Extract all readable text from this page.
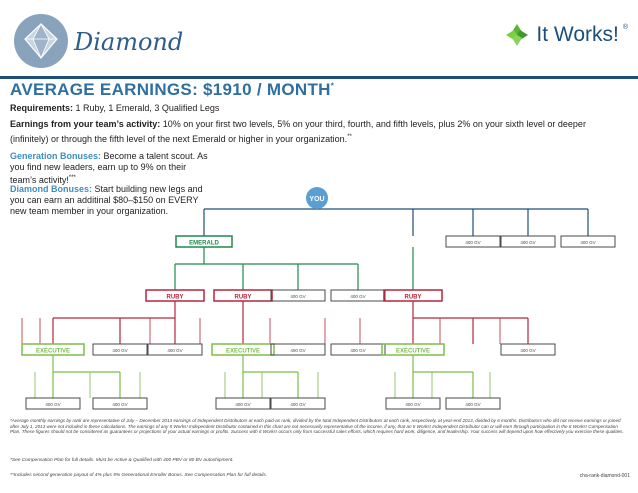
Diamond	It Works! ®
AVERAGE EARNINGS: $1910 / MONTH*
Requirements: 1 Ruby, 1 Emerald, 3 Qualified Legs
Earnings from your team’s activity: 10% on your first two levels, 5% on your third, fourth, and fifth levels, plus 2% on your sixth level or deeper (infinitely) or through the fifth level of the next Emerald or higher in your organization.**
Generation Bonuses: Become a talent scout. As you find new leaders, earn up to 9% on their team’s activity!***
Diamond Bonuses: Start building new legs and you can earn an additinal $80–$150 on EVERY new team member in your organization.
YOU
EMERALD	400 GV	400 GV	400 GV
RUBY	RUBY	400 GV	400 GV	RUBY
EXECUTIVE	400 GV	400 GV	EXECUTIVE	400 GV	400 GV	EXECUTIVE	400 GV
400 GV	400 GV	400 GV	400 GV	400 GV	400 GV
*Average monthly earnings by rank are representative of July – December 2013 earnings of Independent Distributors at each paid-as rank, divided by the total Independent Distributors at each rank, respectively, at year-end 2013, divided by 6 months. Distributors who did not receive earnings or joined after July 1, 2013 were not included in these calculations. The earnings of any It Works! Independent Distributor contained in this chart are not necessarily representative of the income, if any, that an It Works! Independent Distributor can or will earn through participation in the It Works! Compensation Plan. These figures should not be considered as guarantees or projections of your actual earnings or profits. Success with It Works! occurs only from successful sales efforts, which requires hard work, diligence, and leadership. Your success will depend upon how effectively you exercise these qualities.
*See Compensation Plan for full details. Must be Active & Qualified with 400 PBV or 80 BV autoshipment.
**Includes second generation payout of 4% plus 5% Generational Enroller Bonus. See Compensation Plan for full details.	cha-rank-diamond-001
